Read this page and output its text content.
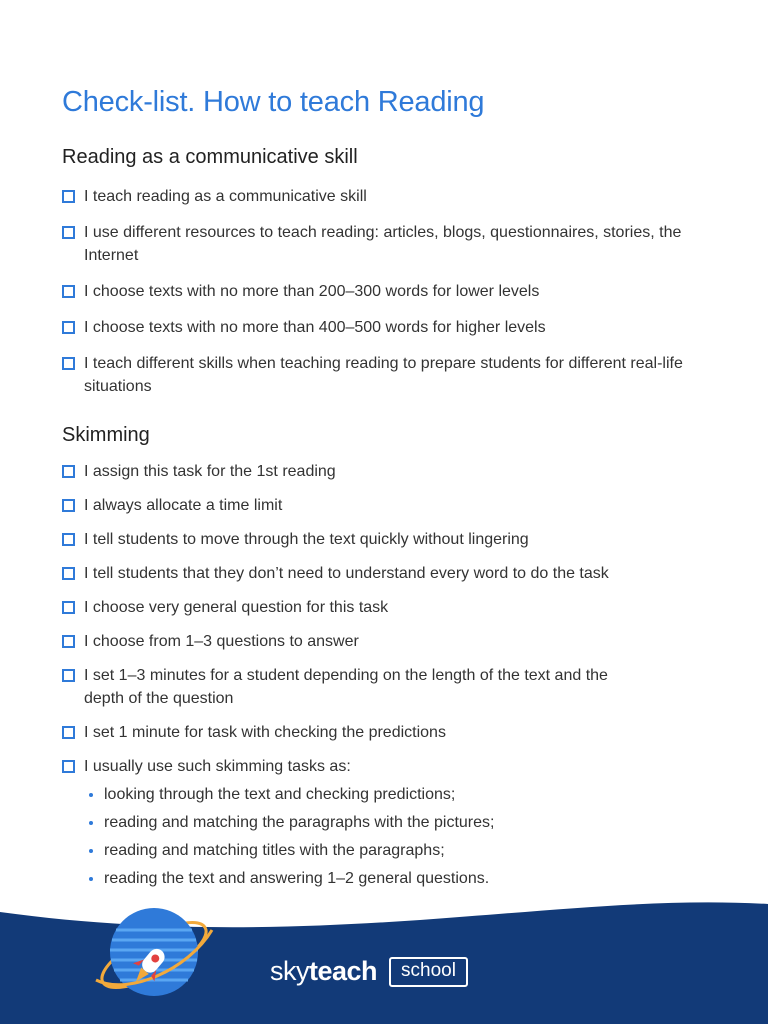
Check-list. How to teach Reading
Reading as a communicative skill
I teach reading as a communicative skill
I use different resources to teach reading: articles, blogs, questionnaires, stories, the Internet
I choose texts with no more than 200–300 words for lower levels
I choose texts with no more than 400–500 words for higher levels
I teach different skills when teaching reading to prepare students for different real-life situations
Skimming
I assign this task for the 1st reading
I always allocate a time limit
I tell students to move through the text quickly without lingering
I tell students that they don’t need to understand every word to do the task
I choose very general question for this task
I choose from 1–3 questions to answer
I set 1–3 minutes for a student depending on the length of the text and the depth of the question
I set 1 minute for task with checking the predictions
I usually use such skimming tasks as:
looking through the text and checking predictions;
reading and matching the paragraphs with the pictures;
reading and matching titles with the paragraphs;
reading the text and answering 1–2 general questions.
sky teach	school
